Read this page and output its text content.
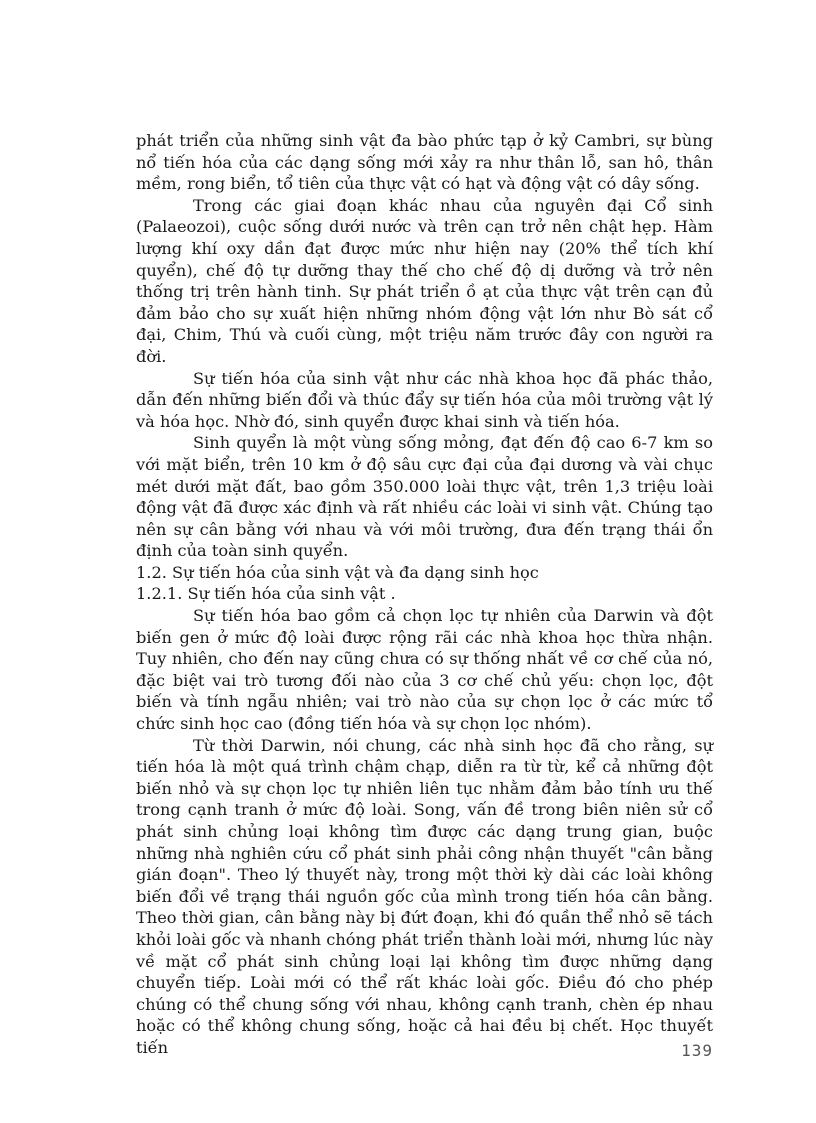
phát triển của những sinh vật đa bào phức tạp ở kỷ Cambri, sự bùng nổ tiến hóa của các dạng sống mới xảy ra như thân lỗ, san hô, thân mềm, rong biển, tổ tiên của thực vật có hạt và động vật có dây sống.

Trong các giai đoạn khác nhau của nguyên đại Cổ sinh (Palaeozoi), cuộc sống dưới nước và trên cạn trở nên chật hẹp. Hàm lượng khí oxy dần đạt được mức như hiện nay (20% thể tích khí quyển), chế độ tự dưỡng thay thế cho chế độ dị dưỡng và trở nên thống trị trên hành tinh. Sự phát triển ồ ạt của thực vật trên cạn đủ đảm bảo cho sự xuất hiện những nhóm động vật lớn như Bò sát cổ đại, Chim, Thú và cuối cùng, một triệu năm trước đây con người ra đời.

Sự tiến hóa của sinh vật như các nhà khoa học đã phác thảo, dẫn đến những biến đổi và thúc đẩy sự tiến hóa của môi trường vật lý và hóa học. Nhờ đó, sinh quyển được khai sinh và tiến hóa.

Sinh quyển là một vùng sống mỏng, đạt đến độ cao 6-7 km so với mặt biển, trên 10 km ở độ sâu cực đại của đại dương và vài chục mét dưới mặt đất, bao gồm 350.000 loài thực vật, trên 1,3 triệu loài động vật đã được xác định và rất nhiều các loài vi sinh vật. Chúng tạo nên sự cân bằng với nhau và với môi trường, đưa đến trạng thái ổn định của toàn sinh quyển.

1.2. Sự tiến hóa của sinh vật và đa dạng sinh học

1.2.1. Sự tiến hóa của sinh vật .

Sự tiến hóa bao gồm cả chọn lọc tự nhiên của Darwin và đột biến gen ở mức độ loài được rộng rãi các nhà khoa học thừa nhận. Tuy nhiên, cho đến nay cũng chưa có sự thống nhất về cơ chế của nó, đặc biệt vai trò tương đối nào của 3 cơ chế chủ yếu: chọn lọc, đột biến và tính ngẫu nhiên; vai trò nào của sự chọn lọc ở các mức tổ chức sinh học cao (đồng tiến hóa và sự chọn lọc nhóm).

Từ thời Darwin, nói chung, các nhà sinh học đã cho rằng, sự tiến hóa là một quá trình chậm chạp, diễn ra từ từ, kể cả những đột biến nhỏ và sự chọn lọc tự nhiên liên tục nhằm đảm bảo tính ưu thế trong cạnh tranh ở mức độ loài. Song, vấn đề trong biên niên sử cổ phát sinh chủng loại không tìm được các dạng trung gian, buộc những nhà nghiên cứu cổ phát sinh phải công nhận thuyết "cân bằng gián đoạn". Theo lý thuyết này, trong một thời kỳ dài các loài không biến đổi về trạng thái nguồn gốc của mình trong tiến hóa cân bằng. Theo thời gian, cân bằng này bị đứt đoạn, khi đó quần thể nhỏ sẽ tách khỏi loài gốc và nhanh chóng phát triển thành loài mới, nhưng lúc này về mặt cổ phát sinh chủng loại lại không tìm được những dạng chuyển tiếp. Loài mới có thể rất khác loài gốc. Điều đó cho phép chúng có thể chung sống với nhau, không cạnh tranh, chèn ép nhau hoặc có thể không chung sống, hoặc cả hai đều bị chết. Học thuyết tiến	139
